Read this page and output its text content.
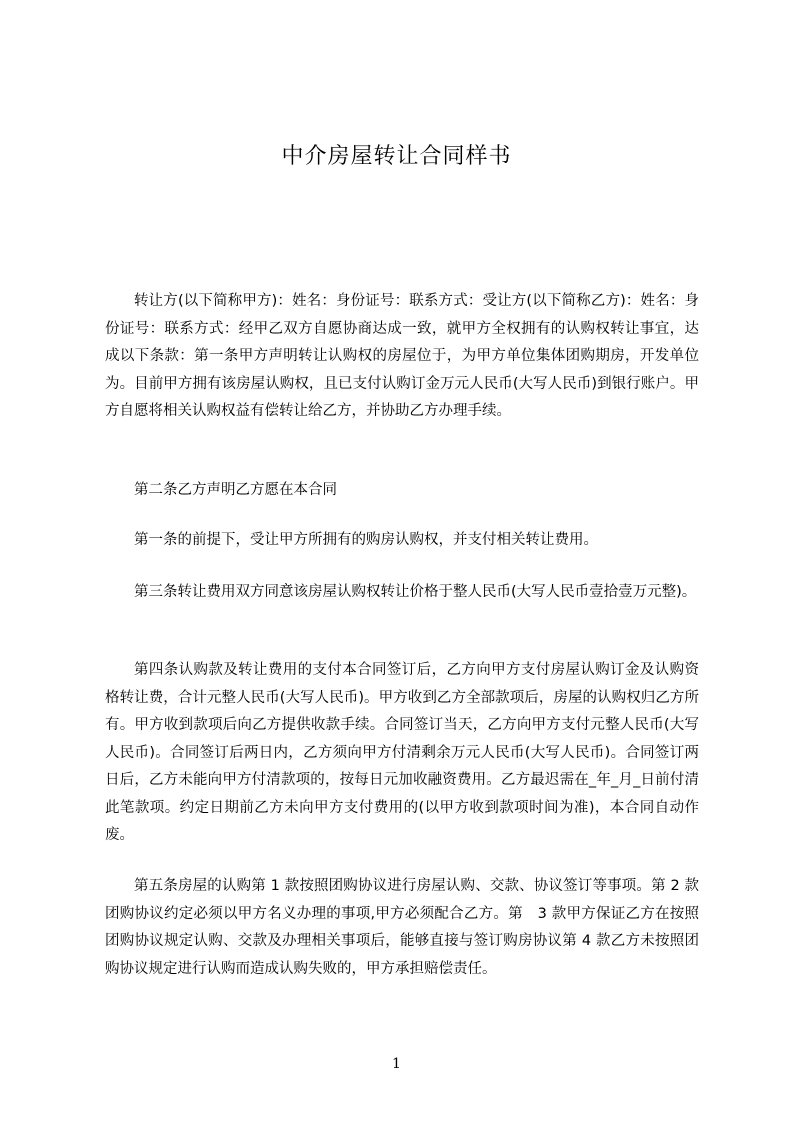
中介房屋转让合同样书
转让方(以下简称甲方)：姓名：身份证号：联系方式：受让方(以下简称乙方)：姓名：身份证号：联系方式：经甲乙双方自愿协商达成一致，就甲方全权拥有的认购权转让事宜，达成以下条款：第一条甲方声明转让认购权的房屋位于，为甲方单位集体团购期房，开发单位为。目前甲方拥有该房屋认购权，且已支付认购订金万元人民币(大写人民币)到银行账户。甲方自愿将相关认购权益有偿转让给乙方，并协助乙方办理手续。
第二条乙方声明乙方愿在本合同
第一条的前提下，受让甲方所拥有的购房认购权，并支付相关转让费用。
第三条转让费用双方同意该房屋认购权转让价格于整人民币(大写人民币壹拾壹万元整)。
第四条认购款及转让费用的支付本合同签订后，乙方向甲方支付房屋认购订金及认购资格转让费，合计元整人民币(大写人民币)。甲方收到乙方全部款项后，房屋的认购权归乙方所有。甲方收到款项后向乙方提供收款手续。合同签订当天，乙方向甲方支付元整人民币(大写人民币)。合同签订后两日内，乙方须向甲方付清剩余万元人民币(大写人民币)。合同签订两日后，乙方未能向甲方付清款项的，按每日元加收融资费用。乙方最迟需在_年_月_日前付清此笔款项。约定日期前乙方未向甲方支付费用的(以甲方收到款项时间为准)，本合同自动作废。
第五条房屋的认购第 1 款按照团购协议进行房屋认购、交款、协议签订等事项。第 2 款团购协议约定必须以甲方名义办理的事项,甲方必须配合乙方。第　3 款甲方保证乙方在按照团购协议规定认购、交款及办理相关事项后，能够直接与签订购房协议第 4 款乙方未按照团购协议规定进行认购而造成认购失败的，甲方承担赔偿责任。
1
